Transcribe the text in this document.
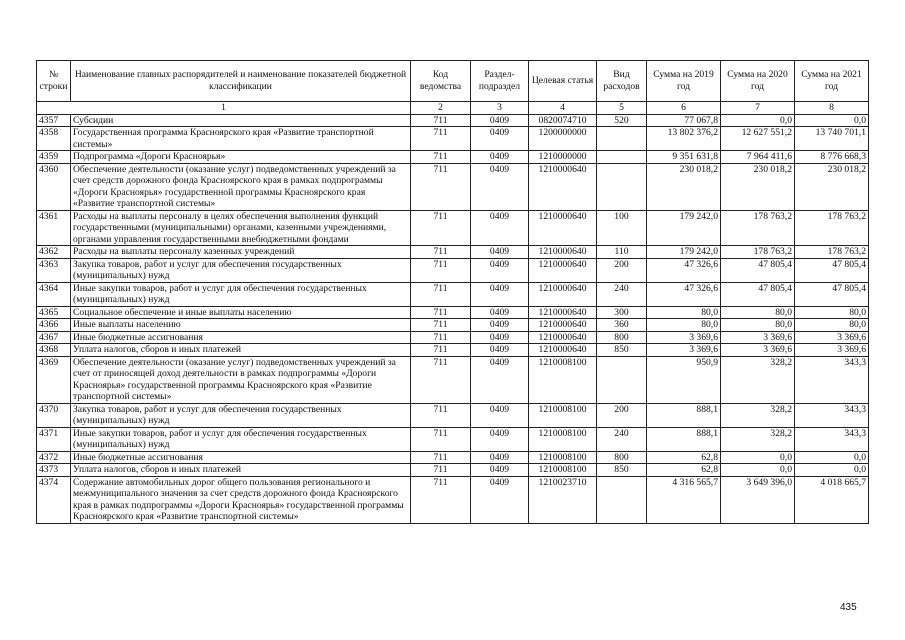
№ строки	Наименование главных распорядителей и наименование показателей бюджетной классификации	Код ведомства	Раздел-подраздел	Целевая статья	Вид расходов	Сумма на 2019 год	Сумма на 2020 год	Сумма на 2021 год
1		2	3	4	5	6	7	8
4357	Субсидии	711	0409	0820074710	520	77 067,8	0,0	0,0
4358	Государственная программа Красноярского края «Развитие транспортной системы»	711	0409	1200000000		13 802 376,2	12 627 551,2	13 740 701,1
4359	Подпрограмма «Дороги Красноярья»	711	0409	1210000000		9 351 631,8	7 964 411,6	8 776 668,3
4360	Обеспечение деятельности (оказание услуг) подведомственных учреждений за счет средств дорожного фонда Красноярского края в рамках подпрограммы «Дороги Красноярья» государственной программы Красноярского края «Развитие транспортной системы»	711	0409	1210000640		230 018,2	230 018,2	230 018,2
4361	Расходы на выплаты персоналу в целях обеспечения выполнения функций государственными (муниципальными) органами, казенными учреждениями, органами управления государственными внебюджетными фондами	711	0409	1210000640	100	179 242,0	178 763,2	178 763,2
4362	Расходы на выплаты персоналу казенных учреждений	711	0409	1210000640	110	179 242,0	178 763,2	178 763,2
4363	Закупка товаров, работ и услуг для обеспечения государственных (муниципальных) нужд	711	0409	1210000640	200	47 326,6	47 805,4	47 805,4
4364	Иные закупки товаров, работ и услуг для обеспечения государственных (муниципальных) нужд	711	0409	1210000640	240	47 326,6	47 805,4	47 805,4
4365	Социальное обеспечение и иные выплаты населению	711	0409	1210000640	300	80,0	80,0	80,0
4366	Иные выплаты населению	711	0409	1210000640	360	80,0	80,0	80,0
4367	Иные бюджетные ассигнования	711	0409	1210000640	800	3 369,6	3 369,6	3 369,6
4368	Уплата налогов, сборов и иных платежей	711	0409	1210000640	850	3 369,6	3 369,6	3 369,6
4369	Обеспечение деятельности (оказание услуг) подведомственных учреждений за счет от приносящей доход деятельности в рамках подпрограммы «Дороги Красноярья» государственной программы Красноярского края «Развитие транспортной системы»	711	0409	1210008100		950,9	328,2	343,3
4370	Закупка товаров, работ и услуг для обеспечения государственных (муниципальных) нужд	711	0409	1210008100	200	888,1	328,2	343,3
4371	Иные закупки товаров, работ и услуг для обеспечения государственных (муниципальных) нужд	711	0409	1210008100	240	888,1	328,2	343,3
4372	Иные бюджетные ассигнования	711	0409	1210008100	800	62,8	0,0	0,0
4373	Уплата налогов, сборов и иных платежей	711	0409	1210008100	850	62,8	0,0	0,0
4374	Содержание автомобильных дорог общего пользования регионального и межмуниципального значения за счет средств дорожного фонда Красноярского края в рамках подпрограммы «Дороги Красноярья» государственной программы Красноярского края «Развитие транспортной системы»	711	0409	1210023710		4 316 565,7	3 649 396,0	4 018 665,7
435
